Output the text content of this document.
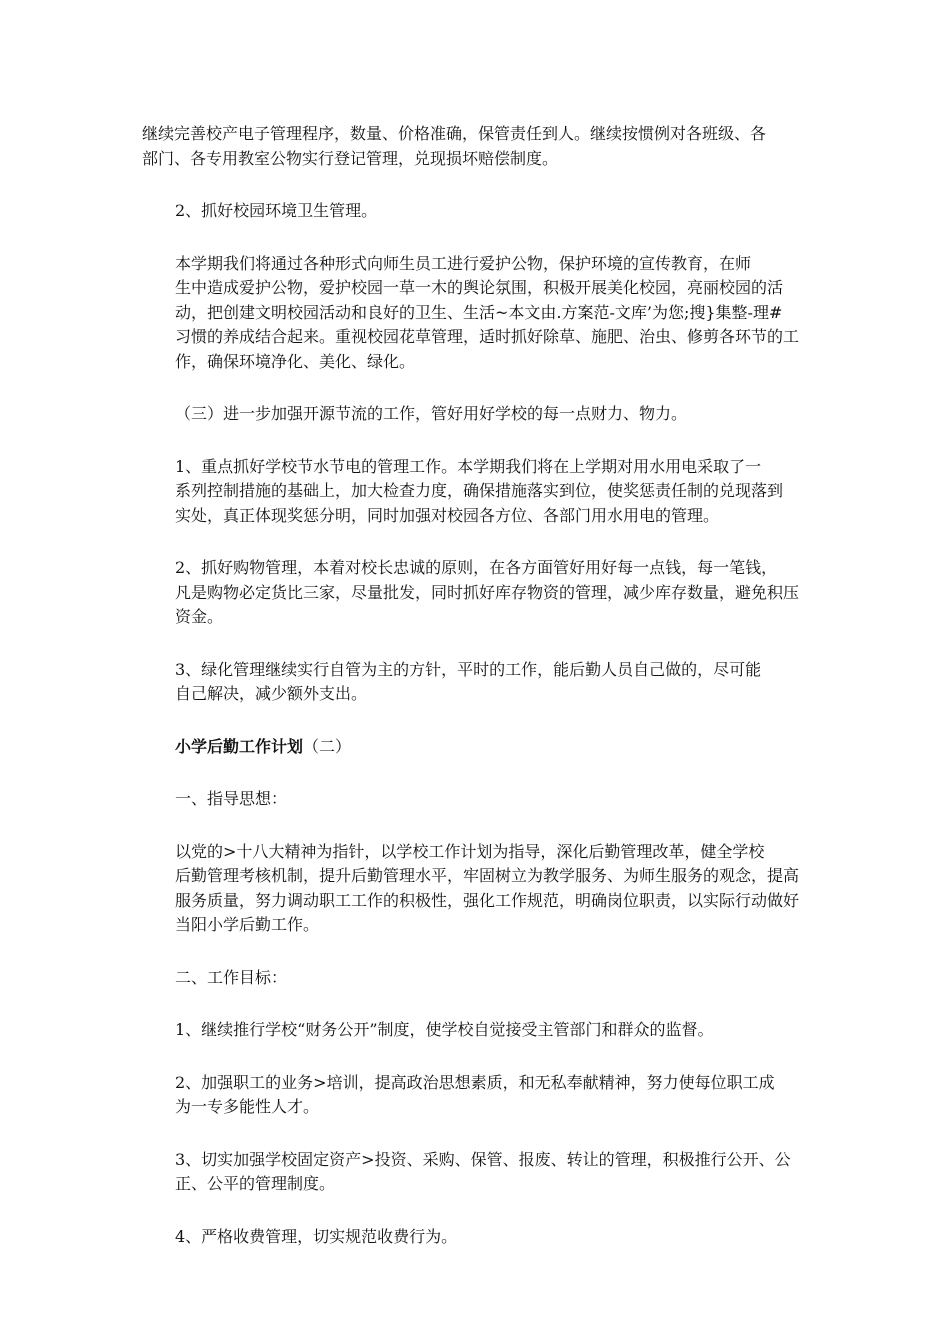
继续完善校产电子管理程序，数量、价格准确，保管责任到人。继续按惯例对各班级、各
部门、各专用教室公物实行登记管理，兑现损坏赔偿制度。

2、抓好校园环境卫生管理。

本学期我们将通过各种形式向师生员工进行爱护公物，保护环境的宣传教育，在师
生中造成爱护公物，爱护校园一草一木的舆论氛围，积极开展美化校园，亮丽校园的活
动，把创建文明校园活动和良好的卫生、生活~本文由.方案范-文库’为您;搜}集整-理#
习惯的养成结合起来。重视校园花草管理，适时抓好除草、施肥、治虫、修剪各环节的工
作，确保环境净化、美化、绿化。

（三）进一步加强开源节流的工作，管好用好学校的每一点财力、物力。

1、重点抓好学校节水节电的管理工作。本学期我们将在上学期对用水用电采取了一
系列控制措施的基础上，加大检查力度，确保措施落实到位，使奖惩责任制的兑现落到
实处，真正体现奖惩分明，同时加强对校园各方位、各部门用水用电的管理。

2、抓好购物管理，本着对校长忠诚的原则，在各方面管好用好每一点钱，每一笔钱，
凡是购物必定货比三家，尽量批发，同时抓好库存物资的管理，减少库存数量，避免积压
资金。

3、绿化管理继续实行自管为主的方针，平时的工作，能后勤人员自己做的，尽可能
自己解决，减少额外支出。

小学后勤工作计划（二）

一、指导思想：

以党的>十八大精神为指针，以学校工作计划为指导，深化后勤管理改革，健全学校
后勤管理考核机制，提升后勤管理水平，牢固树立为教学服务、为师生服务的观念，提高
服务质量，努力调动职工工作的积极性，强化工作规范，明确岗位职责，以实际行动做好
当阳小学后勤工作。

二、工作目标：

1、继续推行学校“财务公开”制度，使学校自觉接受主管部门和群众的监督。

2、加强职工的业务>培训，提高政治思想素质，和无私奉献精神，努力使每位职工成
为一专多能性人才。

3、切实加强学校固定资产>投资、采购、保管、报废、转让的管理，积极推行公开、公
正、公平的管理制度。

4、严格收费管理，切实规范收费行为。
